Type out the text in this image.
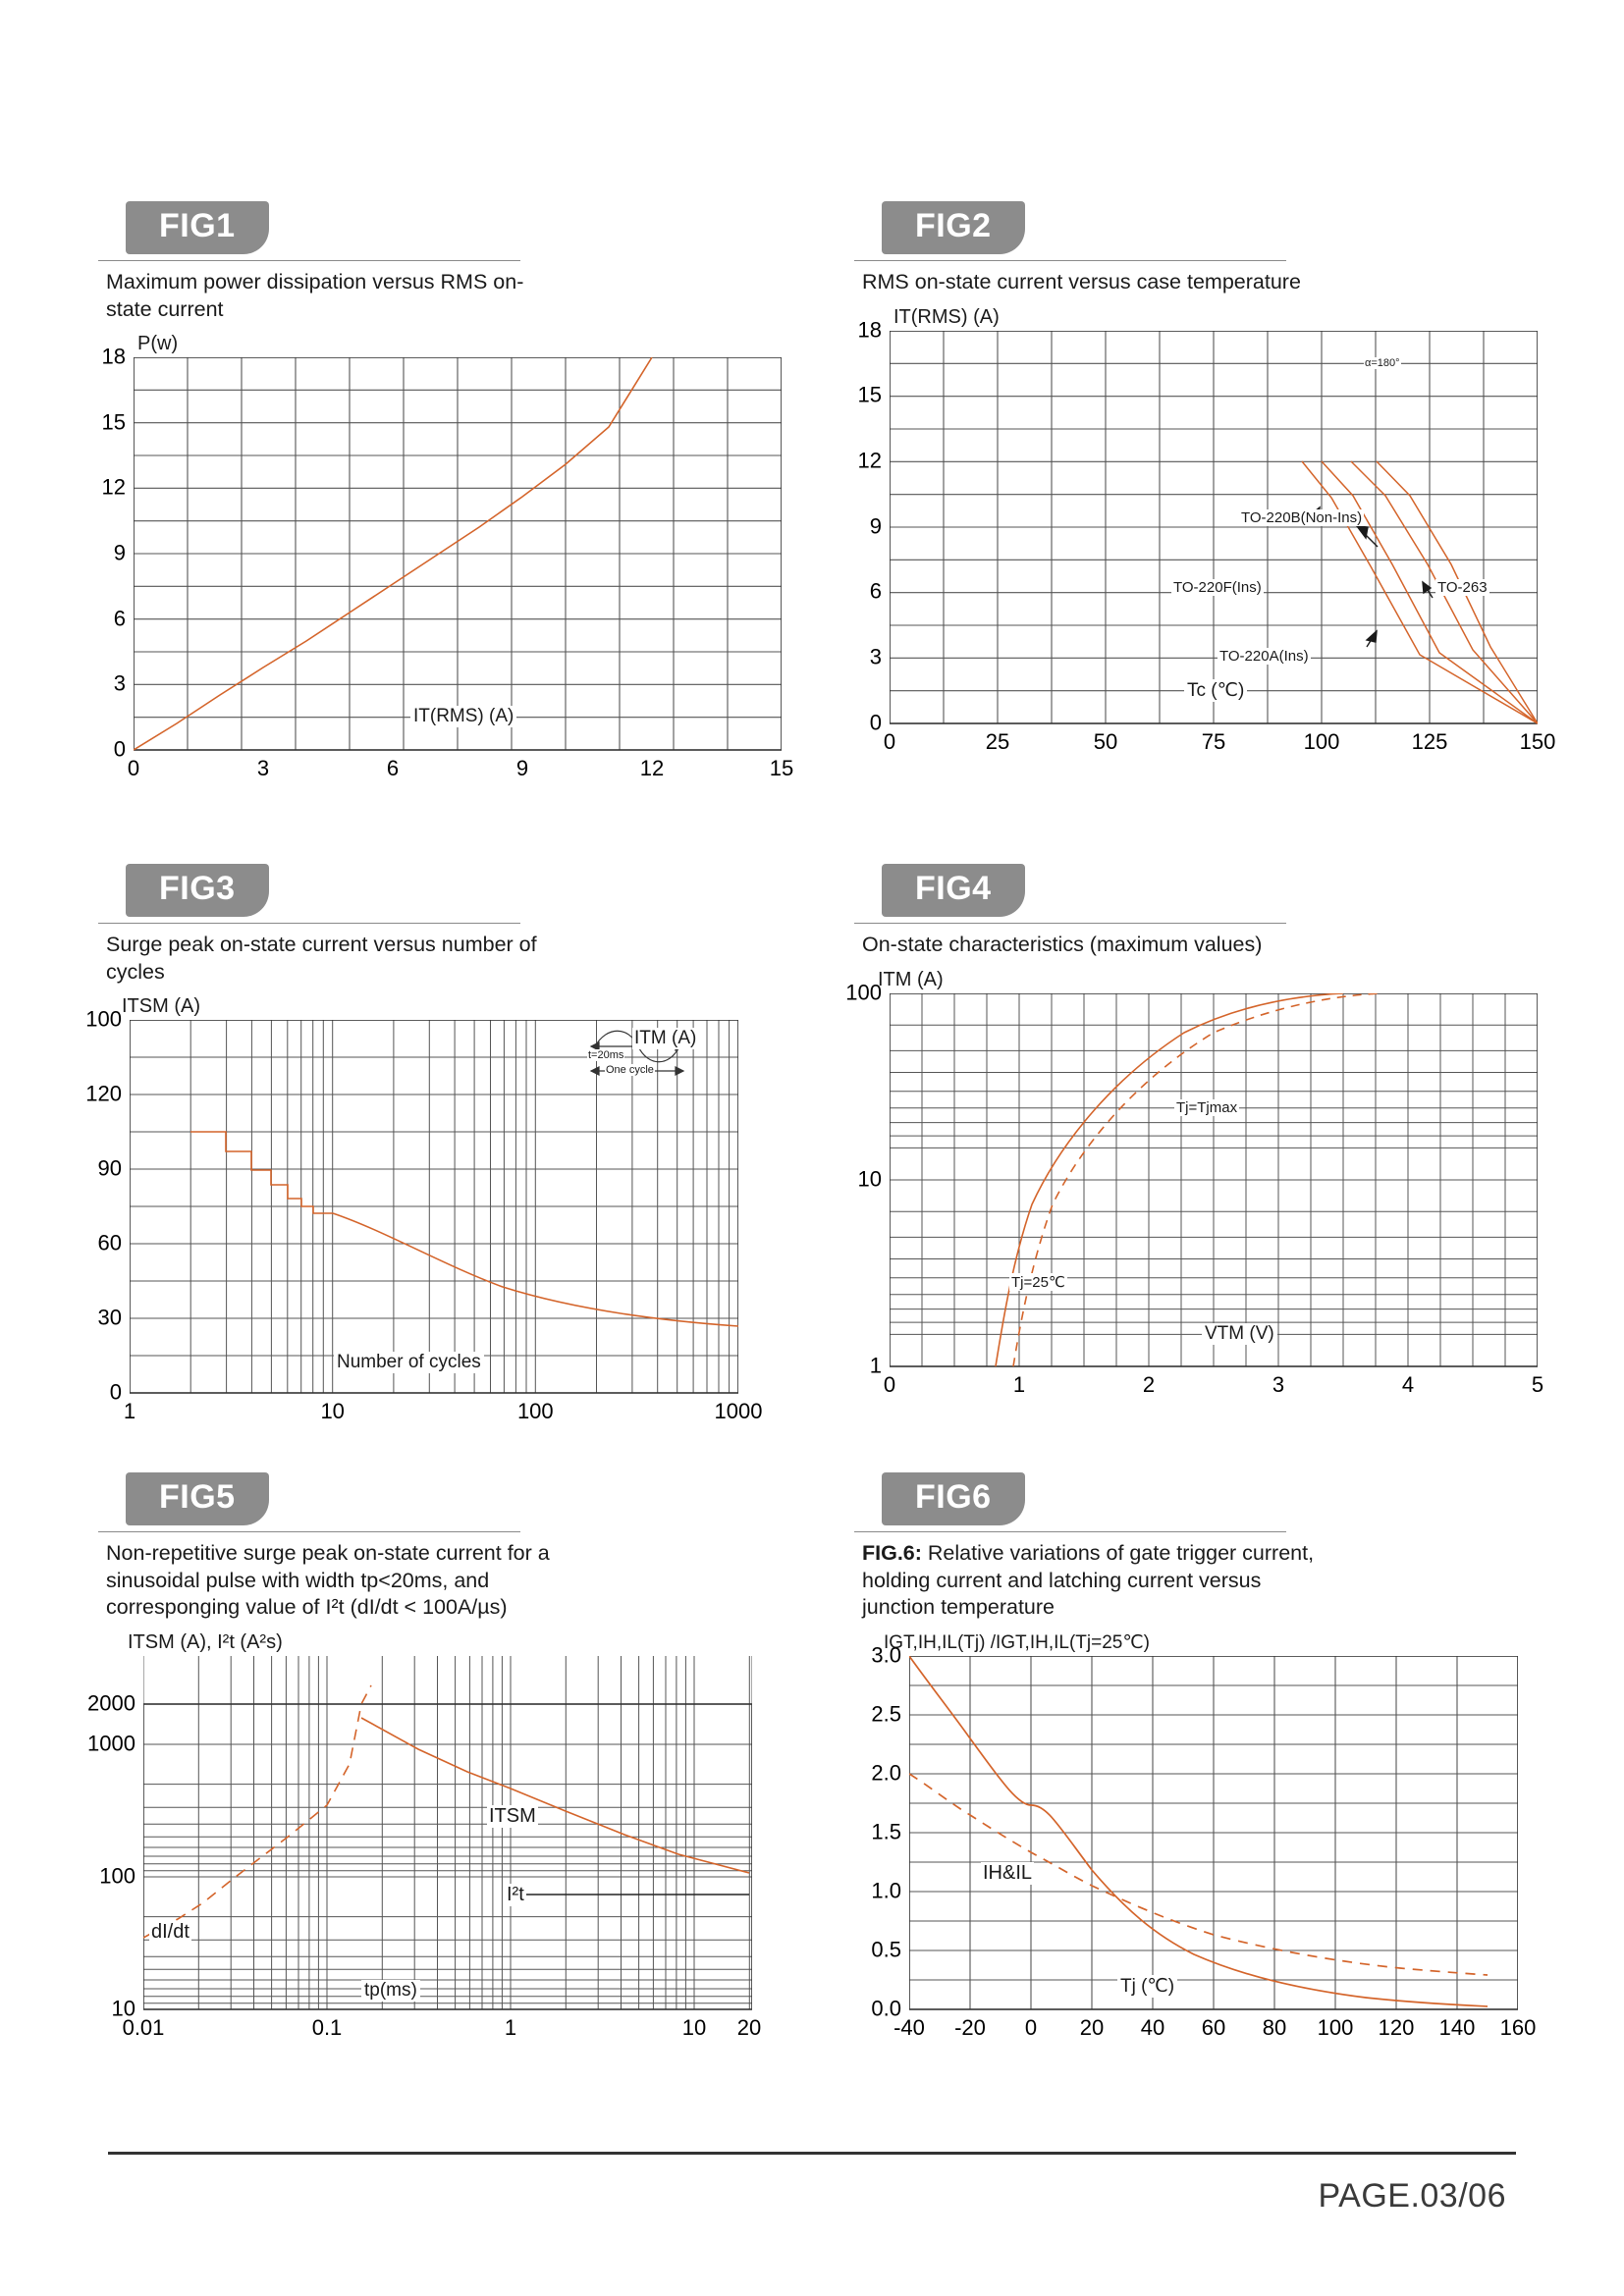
FIG1
Maximum power dissipation versus RMS on-state current
P(w)
18
15
12
9
6
3
0
0	3	6	9	12	15
IT(RMS) (A)
FIG2
RMS on-state current versus case temperature
IT(RMS) (A)
18
15
12
9
6
3
0
0	25	50	75	100	125	150
α=180°
TO-220B(Non-Ins)
TO-220F(Ins)	TO-263
TO-220A(Ins)
Tc (℃)
FIG3
Surge peak on-state current versus number of cycles
ITSM (A)
100
120
90
60
30
0
1	10	100	1000
Number of cycles
ITM (A)
t=20ms
One cycle
FIG4
On-state characteristics (maximum values)
ITM (A)
100
10
1
0	1	2	3	4	5
Tj=Tjmax
Tj=25℃
VTM (V)
FIG5
Non-repetitive surge peak on-state current for a sinusoidal pulse with width tp<20ms, and corresponging value of I²t (dI/dt < 100A/µs)
ITSM (A), I²t (A²s)
2000
1000
100
10
0.01	0.1	1	10 20
ITSM
dI/dt
I²t
tp(ms)
FIG6
FIG.6: Relative variations of gate trigger current, holding current and latching current versus junction temperature
IGT,IH,IL(Tj) /IGT,IH,IL(Tj=25℃)
3.0
2.5
2.0
1.5
1.0
0.5
0.0
-40 -20 0 20 40 60 80 100 120 140 160
IH&IL
Tj (℃)
PAGE.03/06
